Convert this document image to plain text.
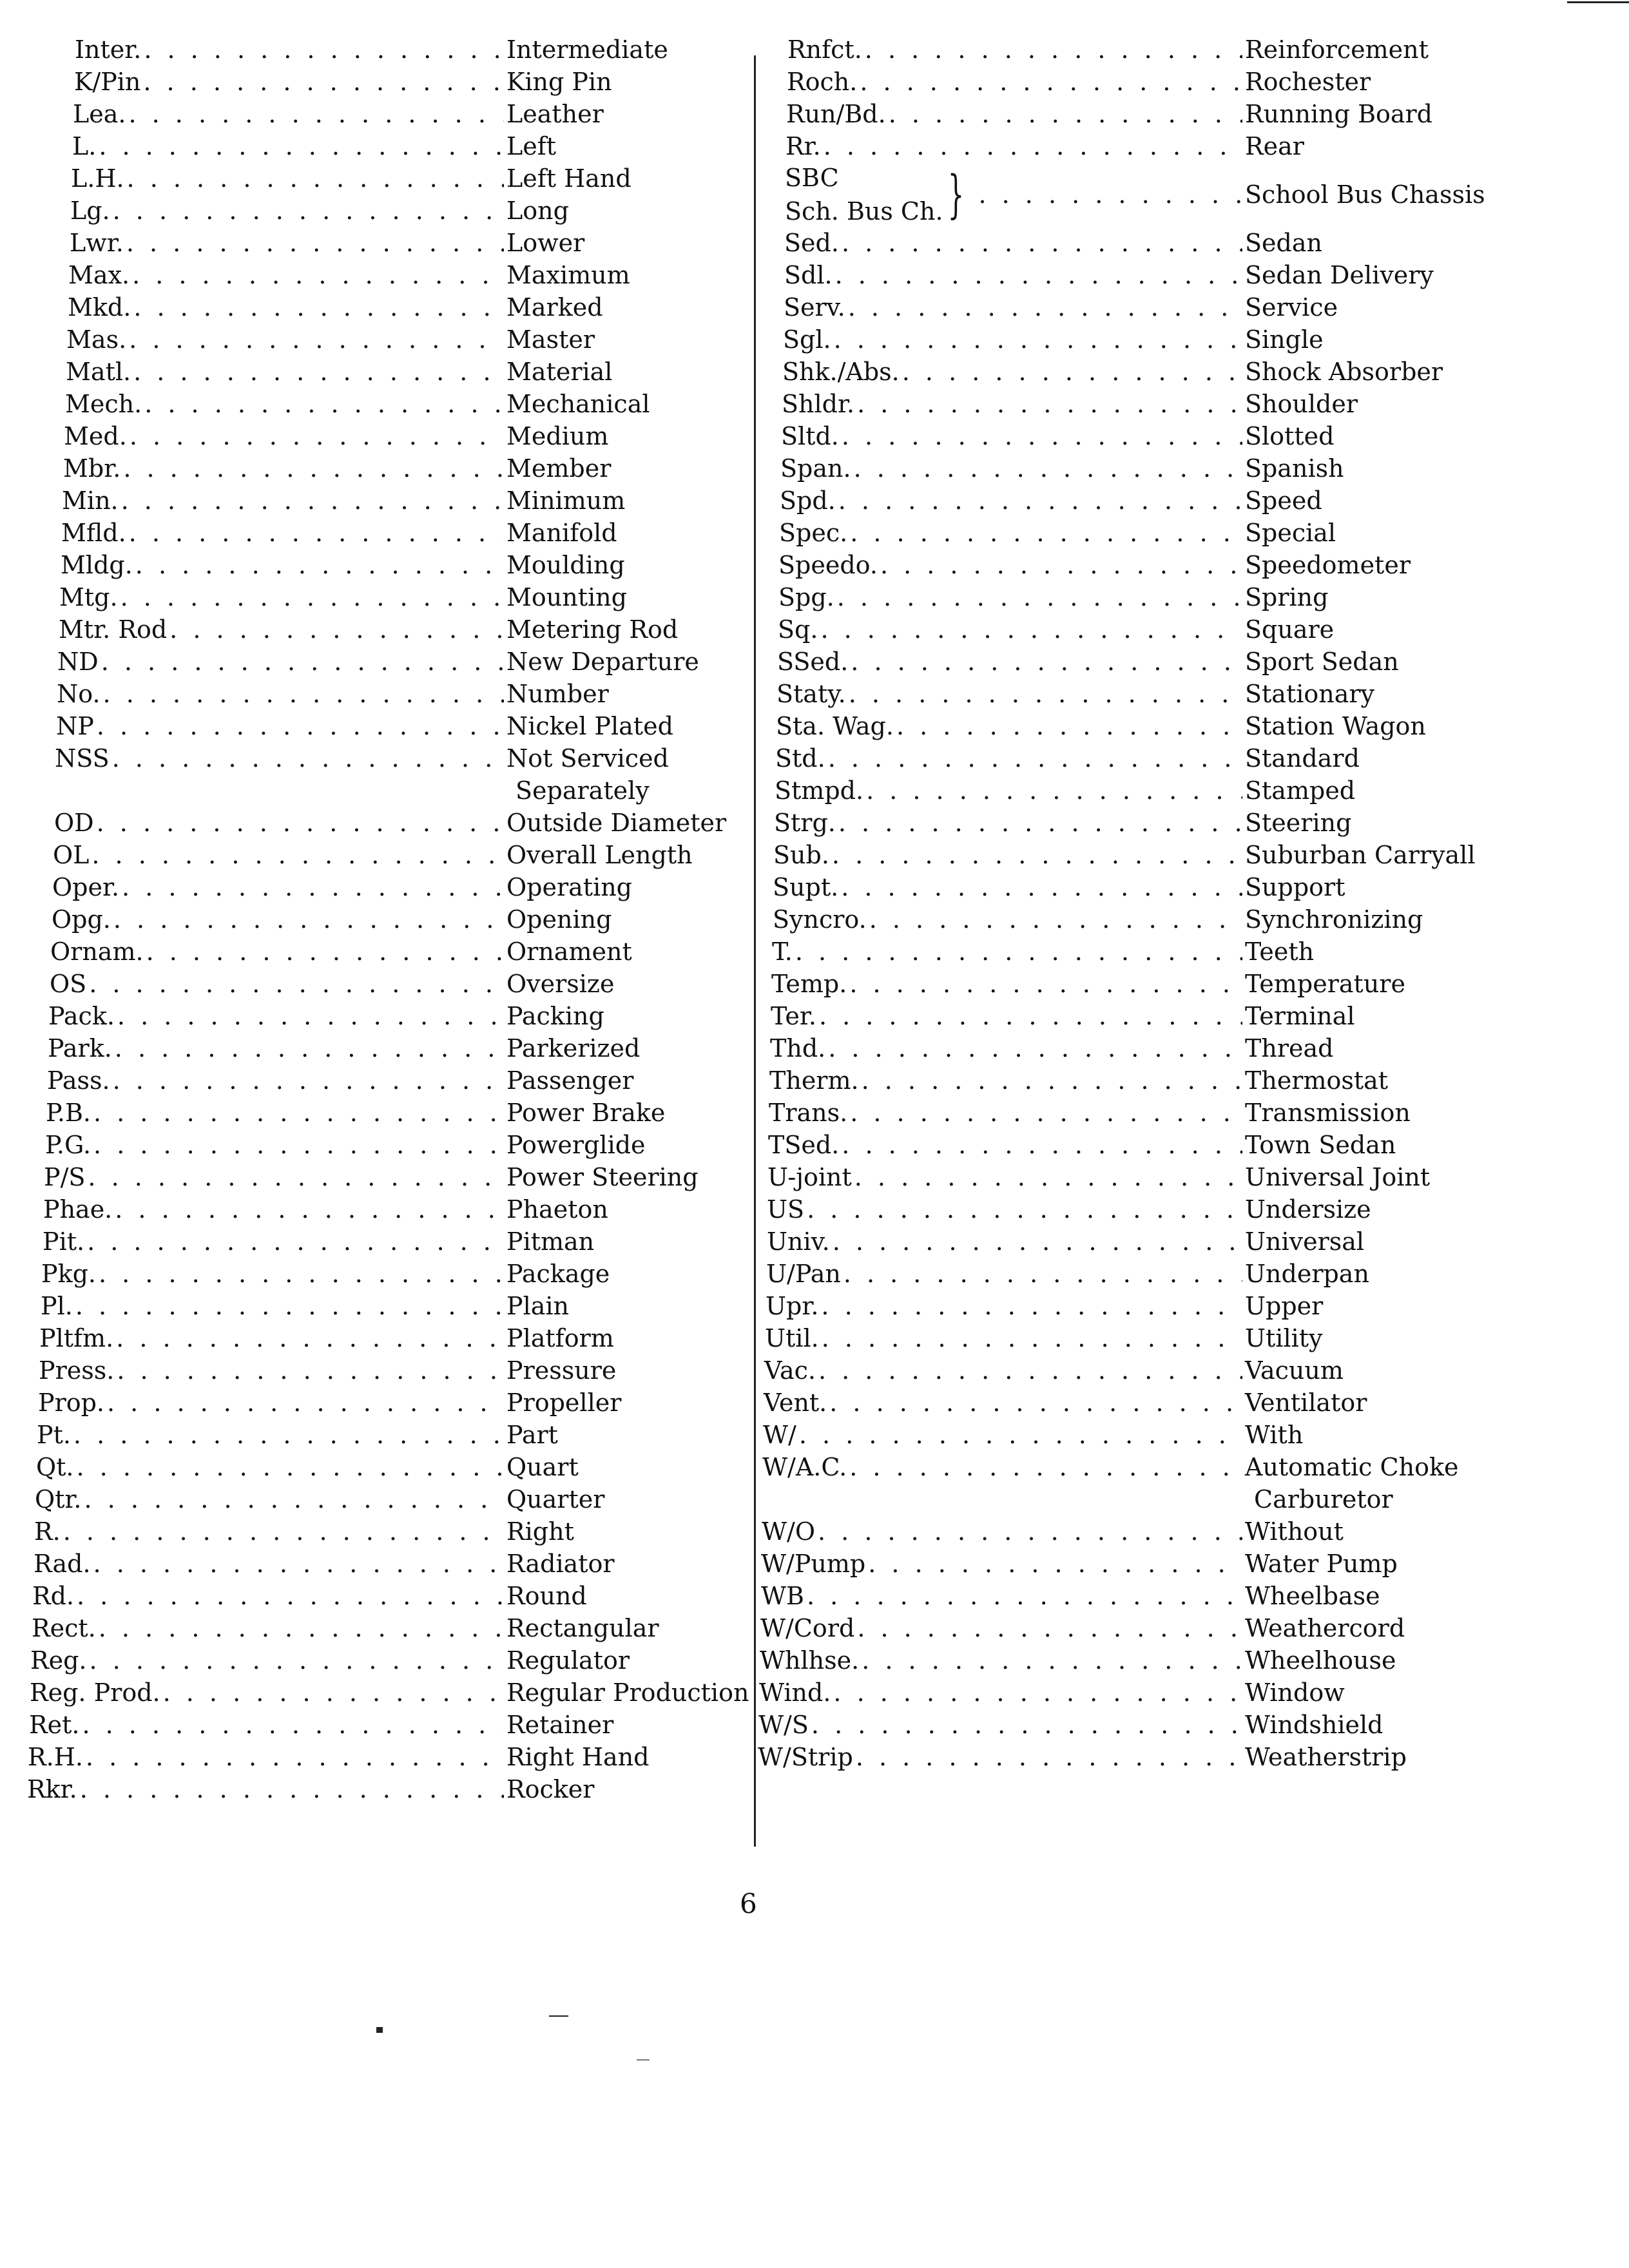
Inter. . . .	Intermediate
K/Pin . . .	King Pin
Lea. . . .	Leather
L. . . .	Left
L.H. . . .	Left Hand
Lg. . . .	Long
Lwr. . . .	Lower
Max. . . .	Maximum
Mkd. . . .	Marked
Mas. . . .	Master
Matl. . . .	Material
Mech. . . .	Mechanical
Med. . . .	Medium
Mbr. . . .	Member
Min. . . .	Minimum
Mfld. . . .	Manifold
Mldg. . . .	Moulding
Mtg. . . .	Mounting
Mtr. Rod . . .	Metering Rod
ND . . .	New Departure
No. . . .	Number
NP . . .	Nickel Plated
NSS . . .	Not Serviced
Separately
OD . . .	Outside Diameter
OL . . .	Overall Length
Oper. . . .	Operating
Opg. . . .	Opening
Ornam. . . .	Ornament
OS . . .	Oversize
Pack. . . .	Packing
Park. . . .	Parkerized
Pass. . . .	Passenger
P.B. . . .	Power Brake
P.G. . . .	Powerglide
P/S . . .	Power Steering
Phae. . . .	Phaeton
Pit. . . .	Pitman
Pkg. . . .	Package
Pl. . . .	Plain
Pltfm. . . .	Platform
Press. . . .	Pressure
Prop. . . .	Propeller
Pt. . . .	Part
Qt. . . .	Quart
Qtr. . . .	Quarter
R. . . .	Right
Rad. . . .	Radiator
Rd. . . .	Round
Rect. . . .	Rectangular
Reg. . . .	Regulator
Reg. Prod. . . .	Regular Production
Ret. . . .	Retainer
R.H. . . .	Right Hand
Rkr. . . .	Rocker
Rnfct. . . .	Reinforcement
Roch. . . .	Rochester
Run/Bd. . . .	Running Board
Rr. . . .	Rear
SBC
Sch. Bus Ch. } . . .	School Bus Chassis
Sed. . . .	Sedan
Sdl. . . .	Sedan Delivery
Serv. . . .	Service
Sgl. . . .	Single
Shk./Abs. . . .	Shock Absorber
Shldr. . . .	Shoulder
Sltd. . . .	Slotted
Span. . . .	Spanish
Spd. . . .	Speed
Spec. . . .	Special
Speedo. . . .	Speedometer
Spg. . . .	Spring
Sq. . . .	Square
SSed. . . .	Sport Sedan
Staty. . . .	Stationary
Sta. Wag. . . .	Station Wagon
Std. . . .	Standard
Stmpd. . . .	Stamped
Strg. . . .	Steering
Sub. . . .	Suburban Carryall
Supt. . . .	Support
Syncro. . . .	Synchronizing
T. . . .	Teeth
Temp. . . .	Temperature
Ter. . . .	Terminal
Thd. . . .	Thread
Therm. . . .	Thermostat
Trans. . . .	Transmission
TSed. . . .	Town Sedan
U-joint . . .	Universal Joint
US . . .	Undersize
Univ. . . .	Universal
U/Pan . . .	Underpan
Upr. . . .	Upper
Util. . . .	Utility
Vac. . . .	Vacuum
Vent. . . .	Ventilator
W/ . . .	With
W/A.C. . . .	Automatic Choke
Carburetor
W/O . . .	Without
W/Pump . . .	Water Pump
WB . . .	Wheelbase
W/Cord . . .	Weathercord
Whlhse. . . .	Wheelhouse
Wind. . . .	Window
W/S . . .	Windshield
W/Strip . . .	Weatherstrip
6
